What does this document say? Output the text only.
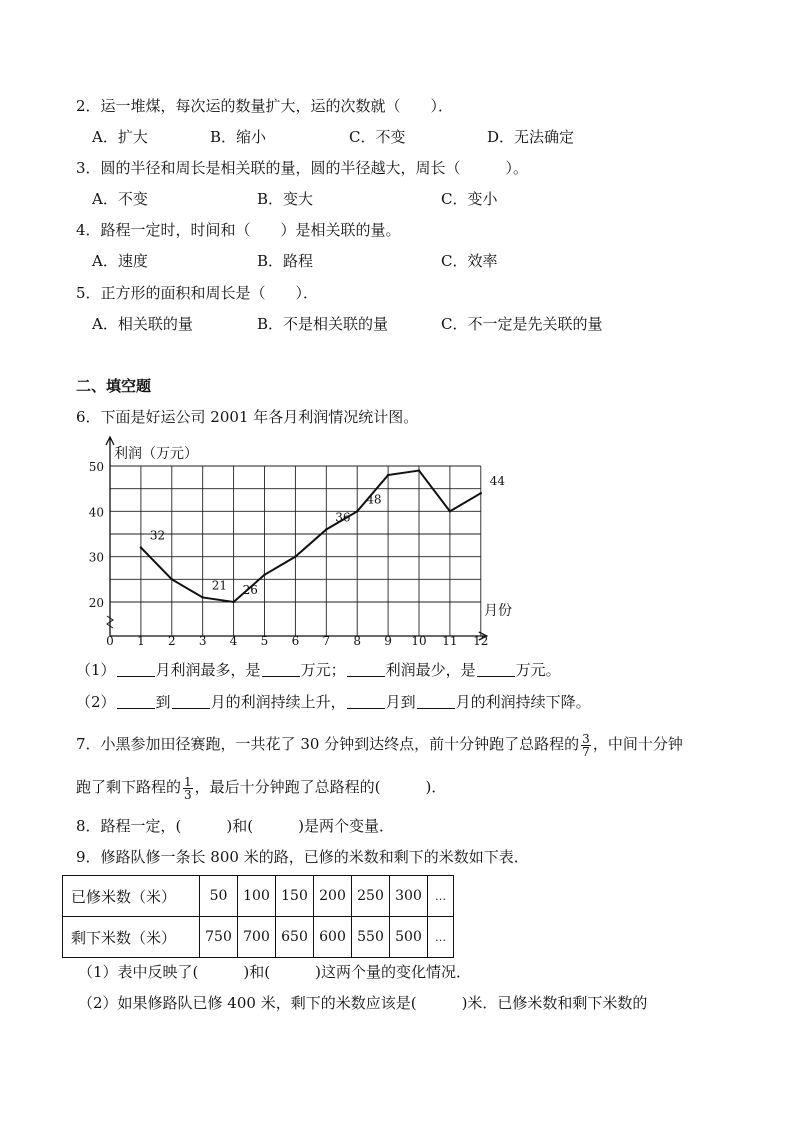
2．运一堆煤，每次运的数量扩大，运的次数就（　　）．
A．扩大	B．缩小	C．不变	D．无法确定
3．圆的半径和周长是相关联的量，圆的半径越大，周长（　　　）。
A．不变	B．变大	C．变小
4．路程一定时，时间和（　　）是相关联的量。
A．速度	B．路程	C．效率
5．正方形的面积和周长是（　　）．
A．相关联的量	B．不是相关联的量	C．不一定是先关联的量
二、填空题
6．下面是好运公司 2001 年各月利润情况统计图。
0 1 2 3 4 5 6 7 8 9 10 11 12
20
30
40
50
32
21 26
36
48
44
利润（万元）
月份
（1）	月利润最多，是	万元；	利润最少，是	万元。
（2）	到	月的利润持续上升，	月到	月的利润持续下降。
7．小黑参加田径赛跑，一共花了 30 分钟到达终点，前十分钟跑了总路程的 $\frac{3}{7}$ ，中间十分钟
跑了剩下路程的 $\frac{1}{3}$ ，最后十分钟跑了总路程的(　　　)．
8．路程一定，(　　　)和(　　　)是两个变量．
9．修路队修一条长 800 米的路，已修的米数和剩下的米数如下表．
已修米数（米）	50	100	150	200	250	300	…
剩下米数（米）	750	700	650	600	550	500	…
（1）表中反映了(　　　)和(　　　)这两个量的变化情况．
（2）如果修路队已修 400 米，剩下的米数应该是(　　　)米．已修米数和剩下米数的
